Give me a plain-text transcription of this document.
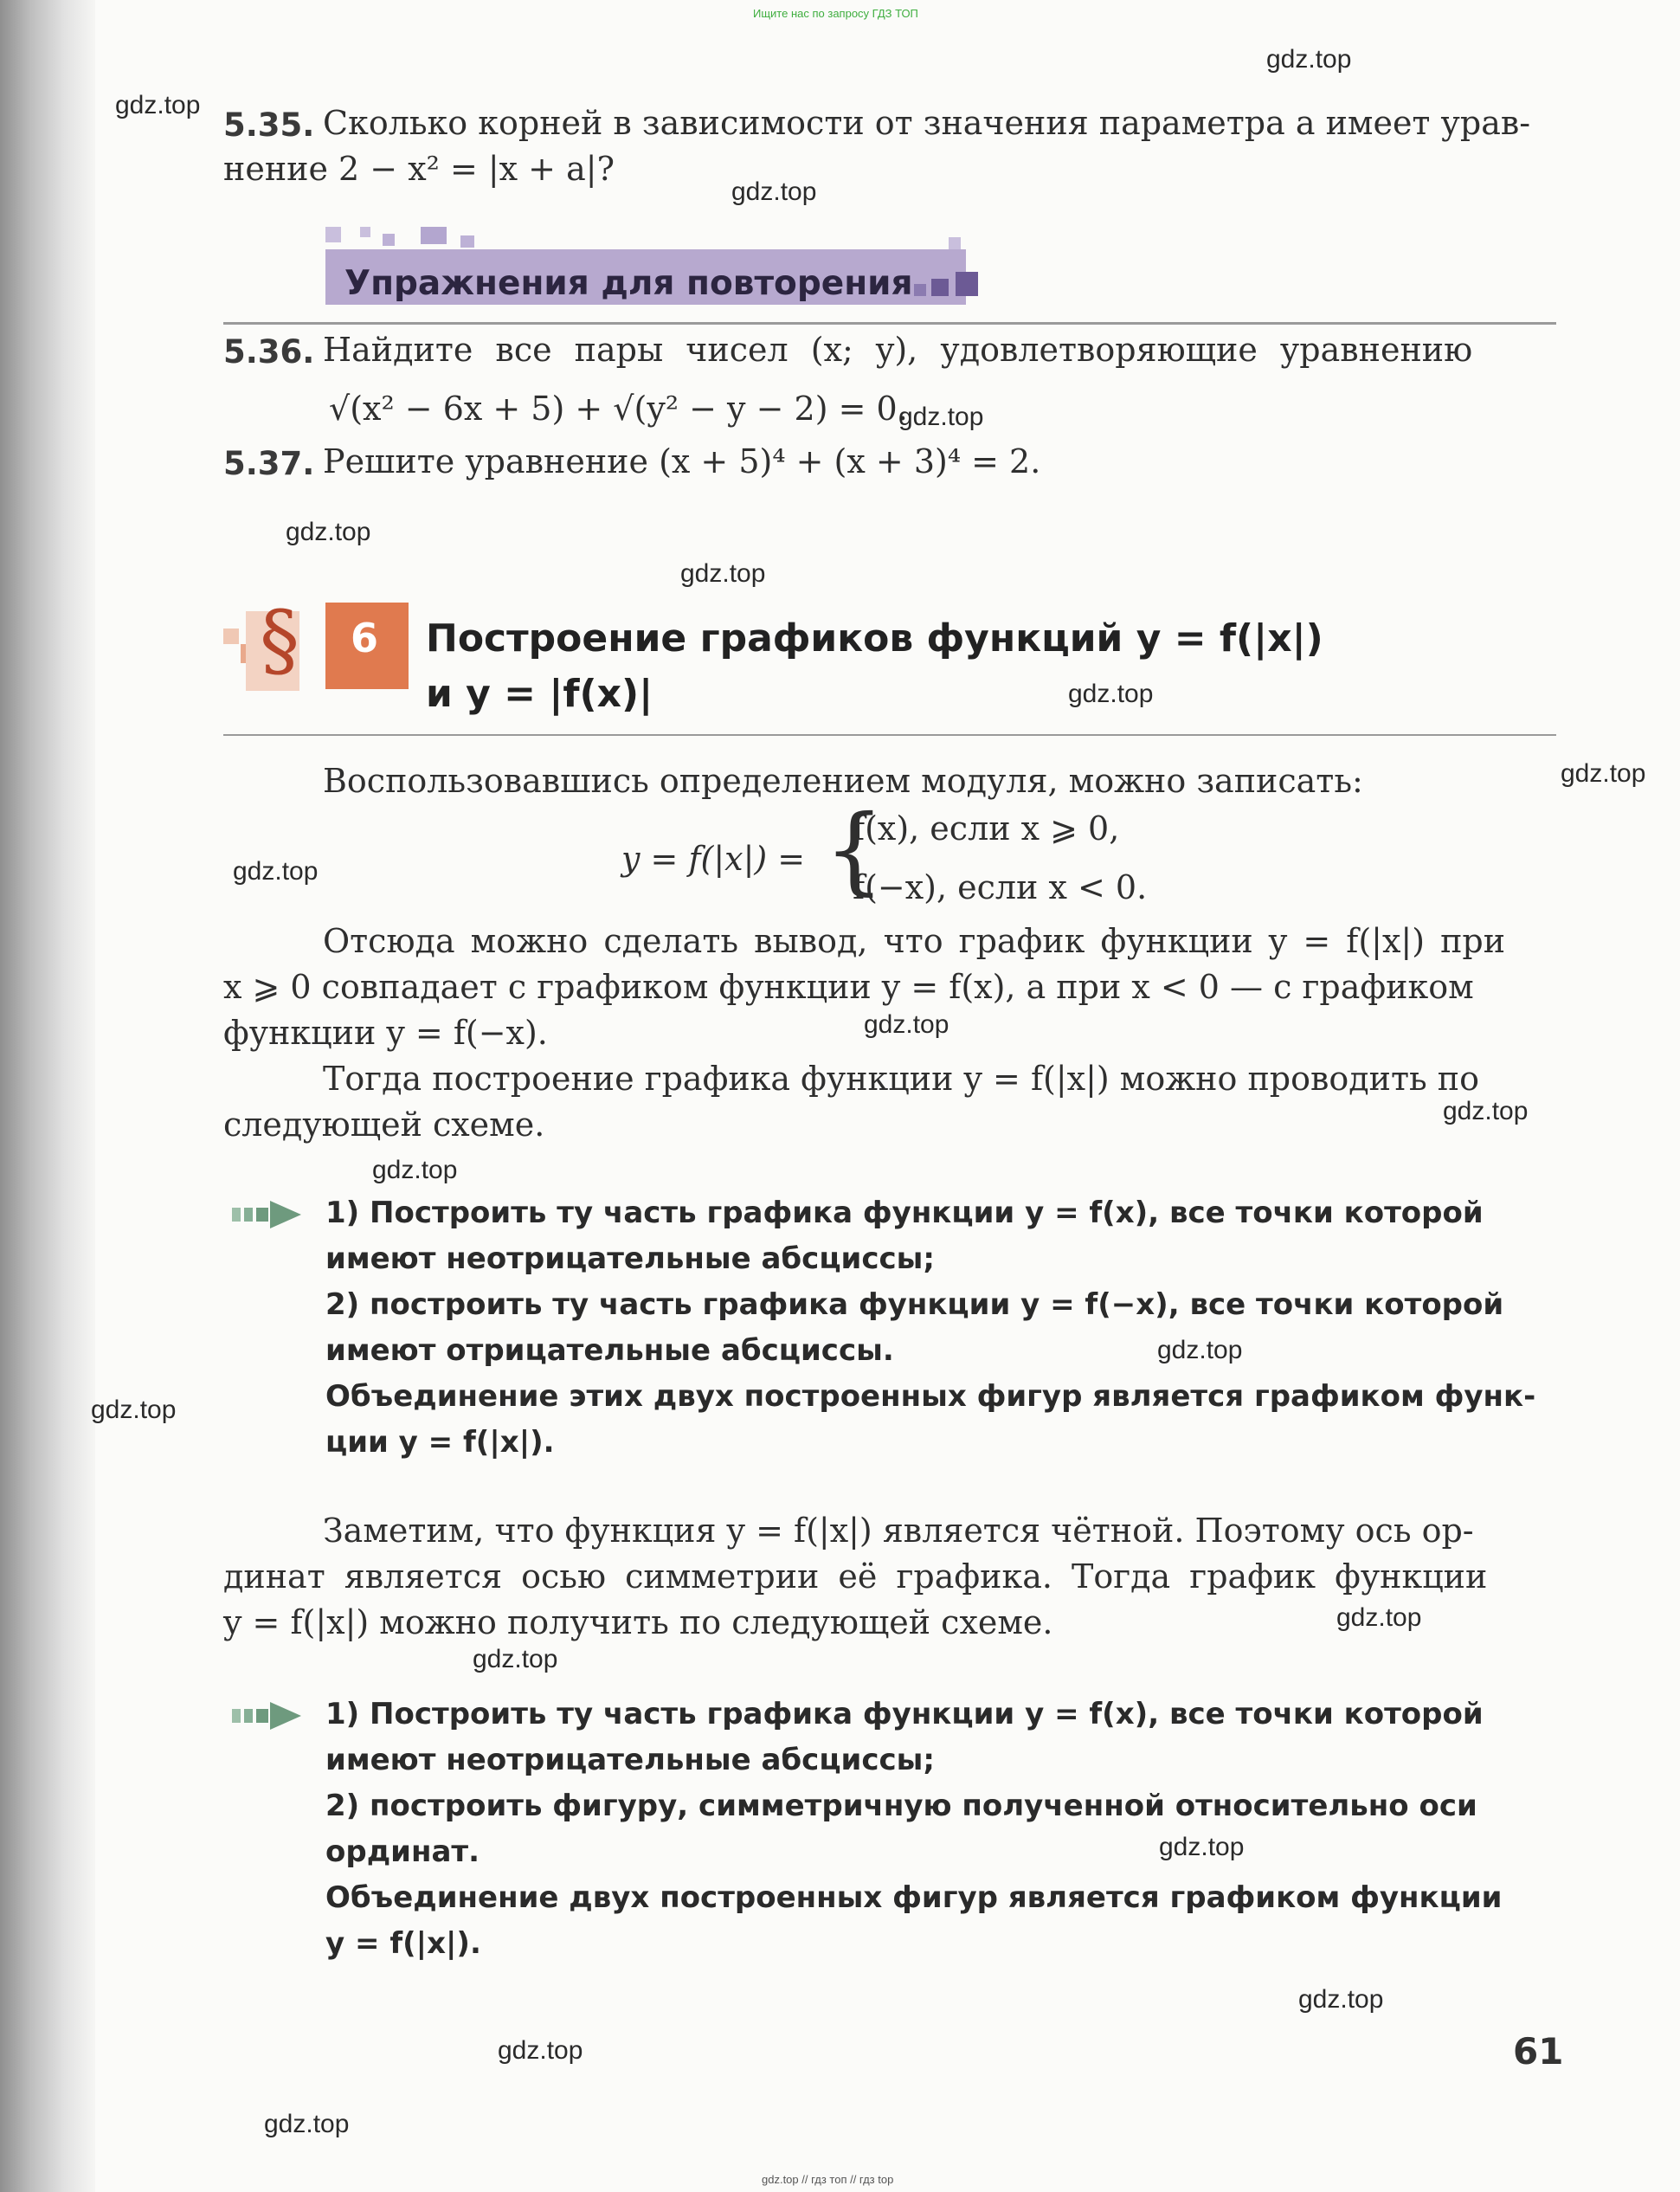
Ищите нас по запросу ГДЗ ТОП
5.35. Сколько корней в зависимости от значения параметра a имеет урав-
нение 2 − x² = |x + a|?
Упражнения для повторения
5.36. Найдите все пары чисел (x; y), удовлетворяющие уравнению
√(x² − 6x + 5) + √(y² − y − 2) = 0.
5.37. Решите уравнение (x + 5)⁴ + (x + 3)⁴ = 2.
§ 6 Построение графиков функций y = f(|x|)
и y = |f(x)|
Воспользовавшись определением модуля, можно записать:
y = f(|x|) = {
f(x), если x ⩾ 0,
f(−x), если x < 0.
Отсюда можно сделать вывод, что график функции y = f(|x|) при
x ⩾ 0 совпадает с графиком функции y = f(x), а при x < 0 — с графиком
функции y = f(−x).
Тогда построение графика функции y = f(|x|) можно проводить по
следующей схеме.
1) Построить ту часть графика функции y = f(x), все точки которой
имеют неотрицательные абсциссы;
2) построить ту часть графика функции y = f(−x), все точки которой
имеют отрицательные абсциссы.
Объединение этих двух построенных фигур является графиком функ-
ции y = f(|x|).
Заметим, что функция y = f(|x|) является чётной. Поэтому ось ор-
динат является осью симметрии её графика. Тогда график функции
y = f(|x|) можно получить по следующей схеме.
1) Построить ту часть графика функции y = f(x), все точки которой
имеют неотрицательные абсциссы;
2) построить фигуру, симметричную полученной относительно оси
ординат.
Объединение двух построенных фигур является графиком функции
y = f(|x|).
61
gdz.top
gdz.top
gdz.top
gdz.top
gdz.top
gdz.top
gdz.top
gdz.top
gdz.top
gdz.top
gdz.top
gdz.top
gdz.top
gdz.top
gdz.top
gdz.top
gdz.top
gdz.top
gdz.top
gdz.top
gdz.top // гдз топ // гдз top
